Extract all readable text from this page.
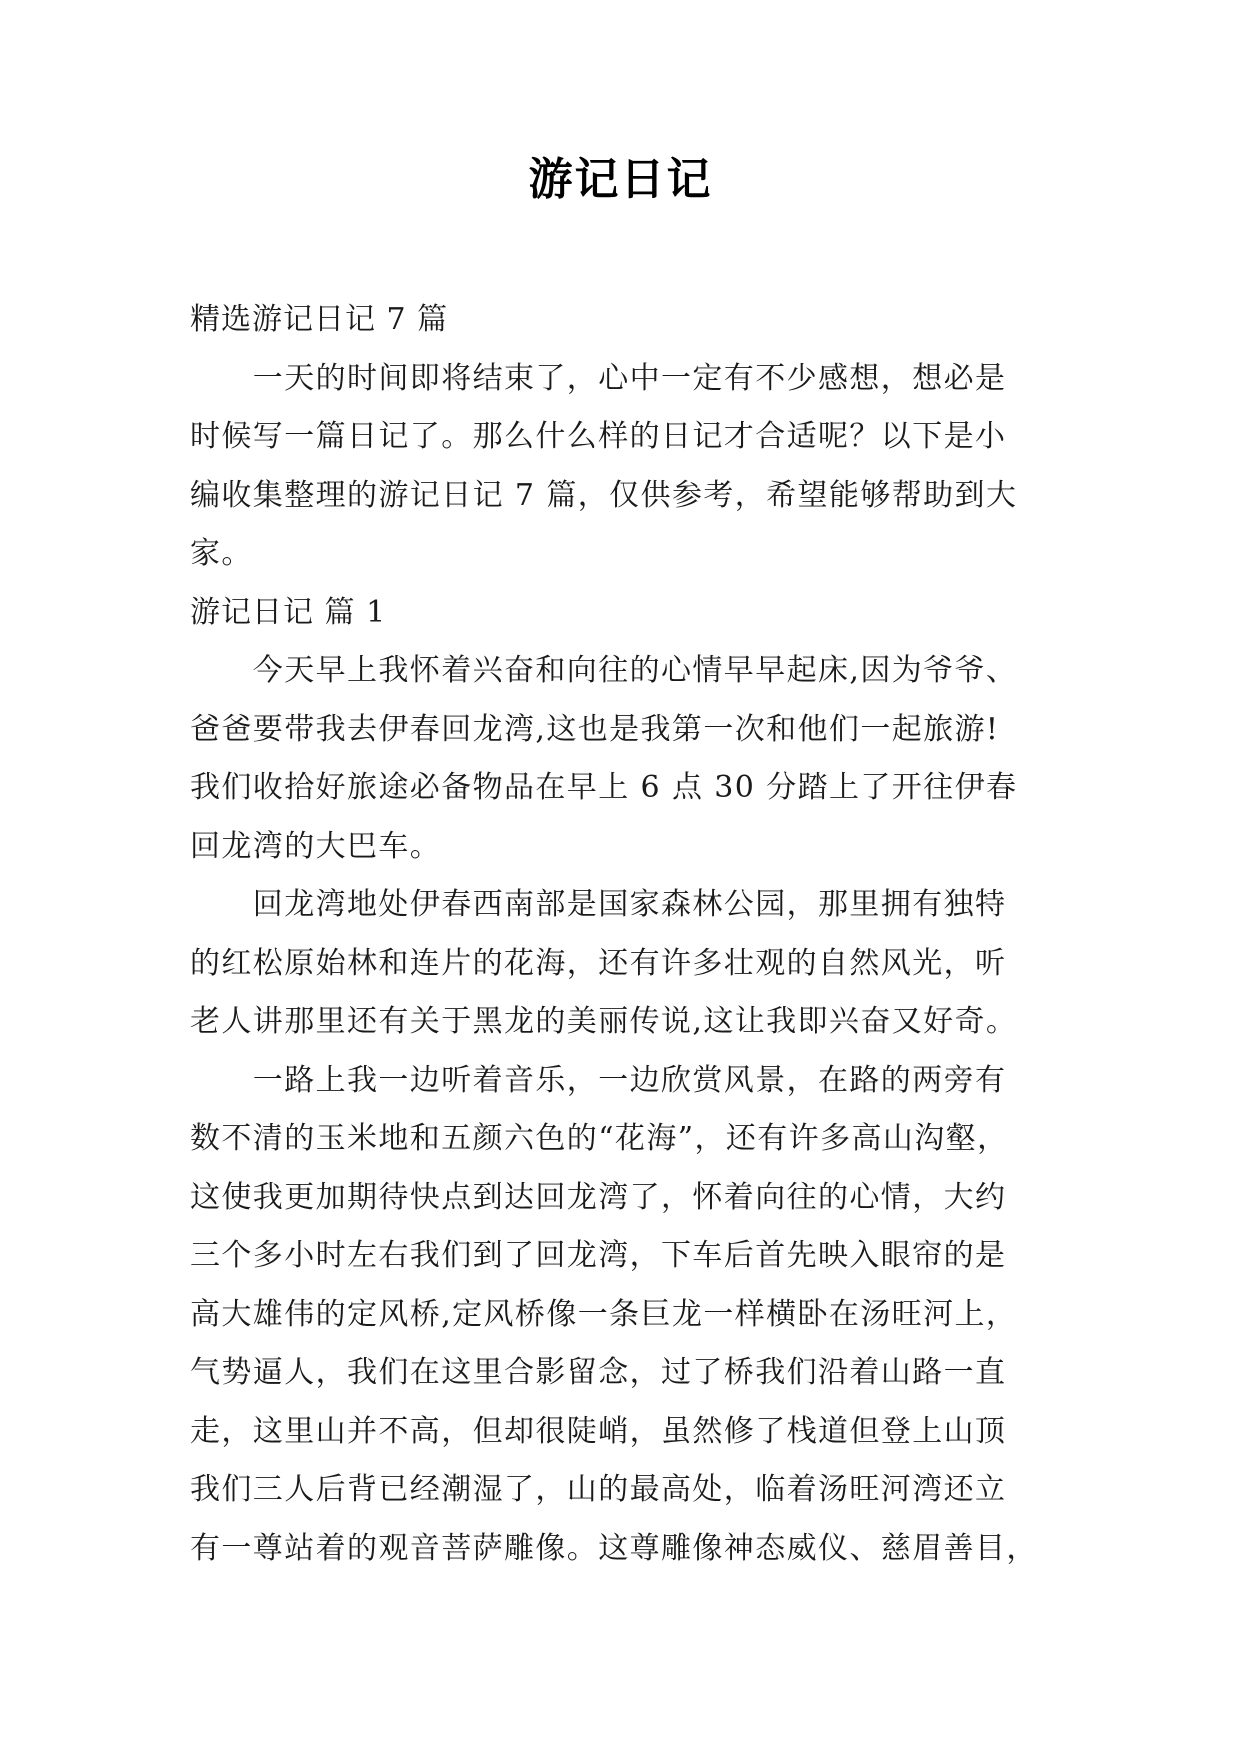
游记日记

精选游记日记 7 篇

　　一天的时间即将结束了，心中一定有不少感想，想必是

时候写一篇日记了。那么什么样的日记才合适呢？以下是小

编收集整理的游记日记 7 篇，仅供参考，希望能够帮助到大

家。

游记日记 篇 1

　　今天早上我怀着兴奋和向往的心情早早起床,因为爷爷、

爸爸要带我去伊春回龙湾,这也是我第一次和他们一起旅游!

我们收拾好旅途必备物品在早上 6 点 30 分踏上了开往伊春

回龙湾的大巴车。

　　回龙湾地处伊春西南部是国家森林公园，那里拥有独特

的红松原始林和连片的花海，还有许多壮观的自然风光，听

老人讲那里还有关于黑龙的美丽传说,这让我即兴奋又好奇。

　　一路上我一边听着音乐，一边欣赏风景，在路的两旁有

数不清的玉米地和五颜六色的“花海”，还有许多高山沟壑，

这使我更加期待快点到达回龙湾了，怀着向往的心情，大约

三个多小时左右我们到了回龙湾，下车后首先映入眼帘的是

高大雄伟的定风桥,定风桥像一条巨龙一样横卧在汤旺河上，

气势逼人，我们在这里合影留念，过了桥我们沿着山路一直

走，这里山并不高，但却很陡峭，虽然修了栈道但登上山顶

我们三人后背已经潮湿了，山的最高处，临着汤旺河湾还立

有一尊站着的观音菩萨雕像。这尊雕像神态威仪、慈眉善目，
